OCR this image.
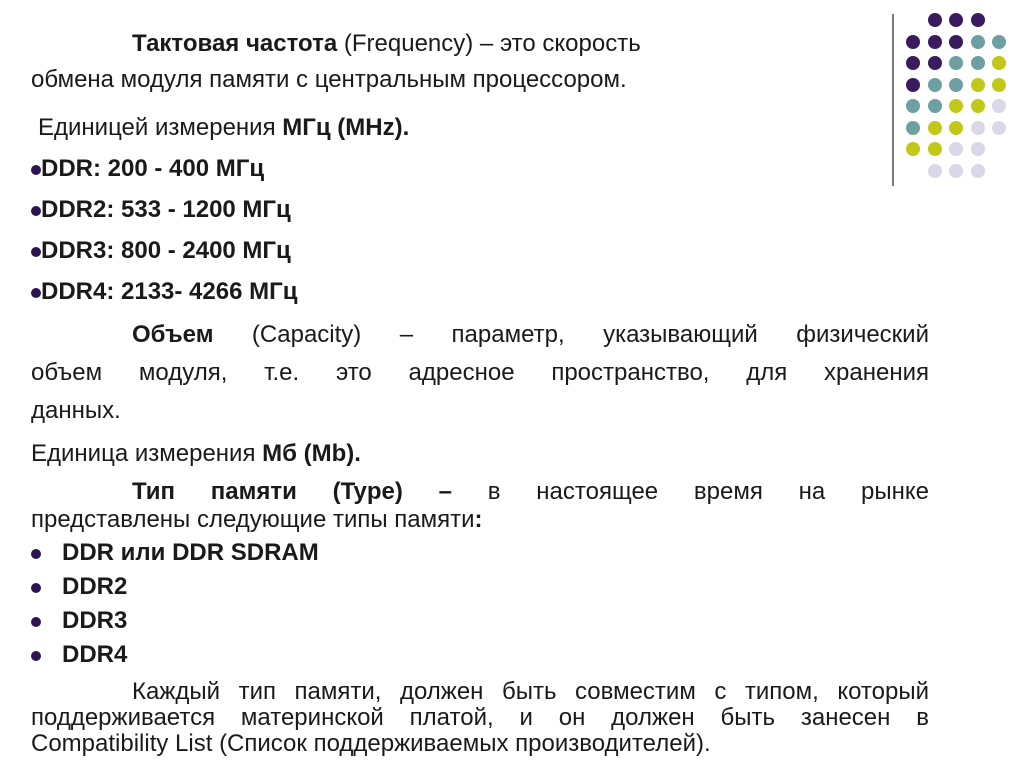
Тактовая частота (Frequency) – это скорость
обмена модуля памяти с центральным процессором.
Единицей измерения МГц (MHz).
DDR: 200 - 400 МГц
DDR2: 533 - 1200 МГц
DDR3: 800 - 2400 МГц
DDR4: 2133- 4266 МГц
Объем (Capacity) – параметр, указывающий физический
объем модуля, т.е. это адресное пространство, для хранения
данных.
Единица измерения Мб (Mb).
Тип памяти (Type) – в настоящее время на рынке
представлены следующие типы памяти:
DDR или DDR SDRAM
DDR2
DDR3
DDR4
Каждый тип памяти, должен быть совместим с типом, который
поддерживается материнской платой, и он должен быть занесен в
Compatibility List (Список поддерживаемых производителей).
